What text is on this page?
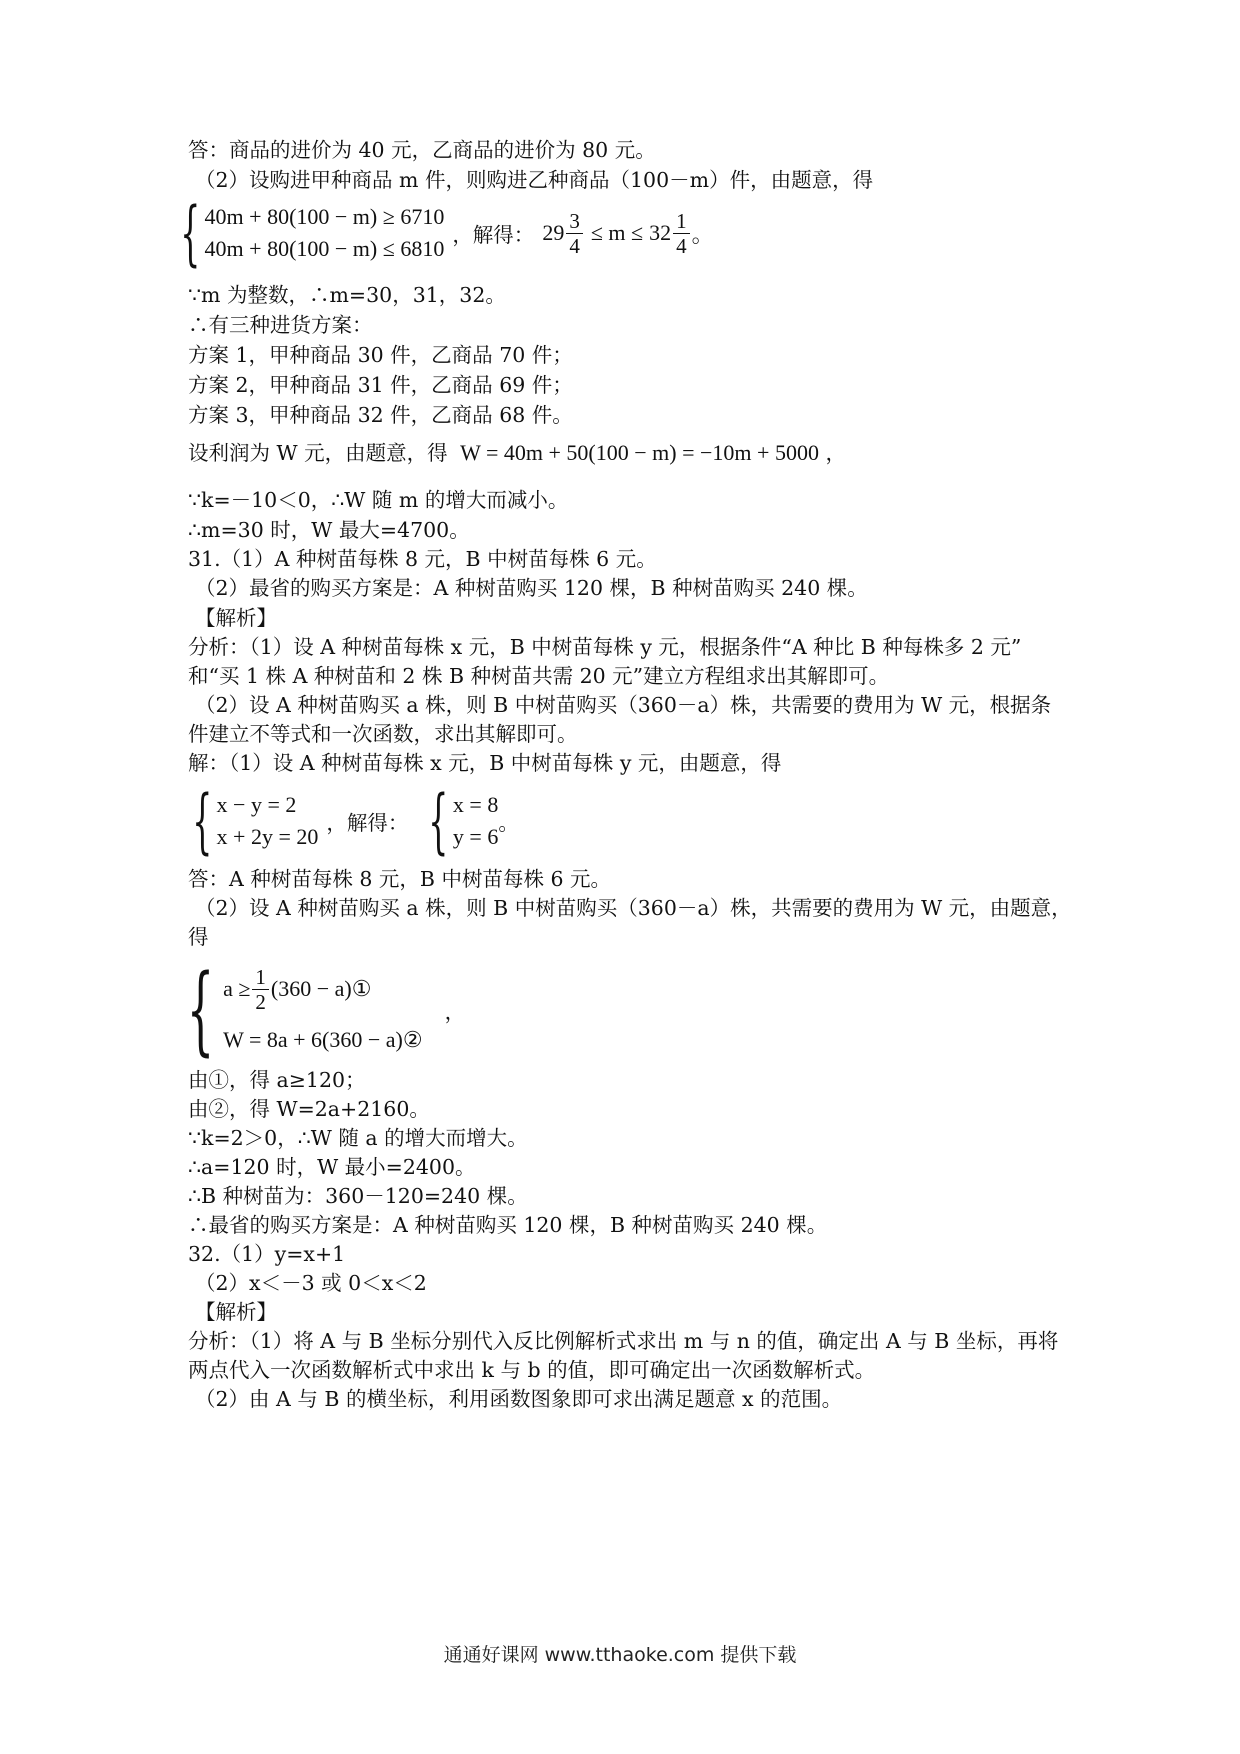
答：商品的进价为 40 元，乙商品的进价为 80 元。
（2）设购进甲种商品 m 件，则购进乙种商品（100－m）件，由题意，得
{ 40m + 80(100 − m) ≥ 6710
40m + 80(100 − m) ≤ 6810
，解得： $29 \frac{3}{4} \le m \le 32 \frac{1}{4}$ 。
∵m 为整数，∴m=30，31，32。
∴有三种进货方案：
方案 1，甲种商品 30 件，乙商品 70 件；
方案 2，甲种商品 31 件，乙商品 69 件；
方案 3，甲种商品 32 件，乙商品 68 件。
设利润为 W 元，由题意，得 W = 40m + 50(100 − m) = −10m + 5000 ，
∵k=－10＜0，∴W 随 m 的增大而减小。
∴m=30 时，W 最大=4700。
31.（1）A 种树苗每株 8 元，B 中树苗每株 6 元。
（2）最省的购买方案是：A 种树苗购买 120 棵，B 种树苗购买 240 棵。
【解析】
分析：（1）设 A 种树苗每株 x 元，B 中树苗每株 y 元，根据条件“A 种比 B 种每株多 2 元”
和“买 1 株 A 种树苗和 2 株 B 种树苗共需 20 元”建立方程组求出其解即可。
（2）设 A 种树苗购买 a 株，则 B 中树苗购买（360－a）株，共需要的费用为 W 元，根据条
件建立不等式和一次函数，求出其解即可。
解：（1）设 A 种树苗每株 x 元，B 中树苗每株 y 元，由题意，得
{ x − y = 2
x + 2y = 20
，解得： { x = 8
y = 6
。
答：A 种树苗每株 8 元，B 中树苗每株 6 元。
（2）设 A 种树苗购买 a 株，则 B 中树苗购买（360－a）株，共需要的费用为 W 元，由题意，
得
{ $a \ge \frac{1}{2} (360$ − a)①
W = 8a + 6(360 − a)②
，
由①，得 a≥120；
由②，得 W=2a+2160。
∵k=2＞0，∴W 随 a 的增大而增大。
∴a=120 时，W 最小=2400。
∴B 种树苗为：360－120=240 棵。
∴最省的购买方案是：A 种树苗购买 120 棵，B 种树苗购买 240 棵。
32.（1）y=x+1
（2）x＜－3 或 0＜x＜2
【解析】
分析：（1）将 A 与 B 坐标分别代入反比例解析式求出 m 与 n 的值，确定出 A 与 B 坐标，再将
两点代入一次函数解析式中求出 k 与 b 的值，即可确定出一次函数解析式。
（2）由 A 与 B 的横坐标，利用函数图象即可求出满足题意 x 的范围。
通通好课网 www.tthaoke.com 提供下载
